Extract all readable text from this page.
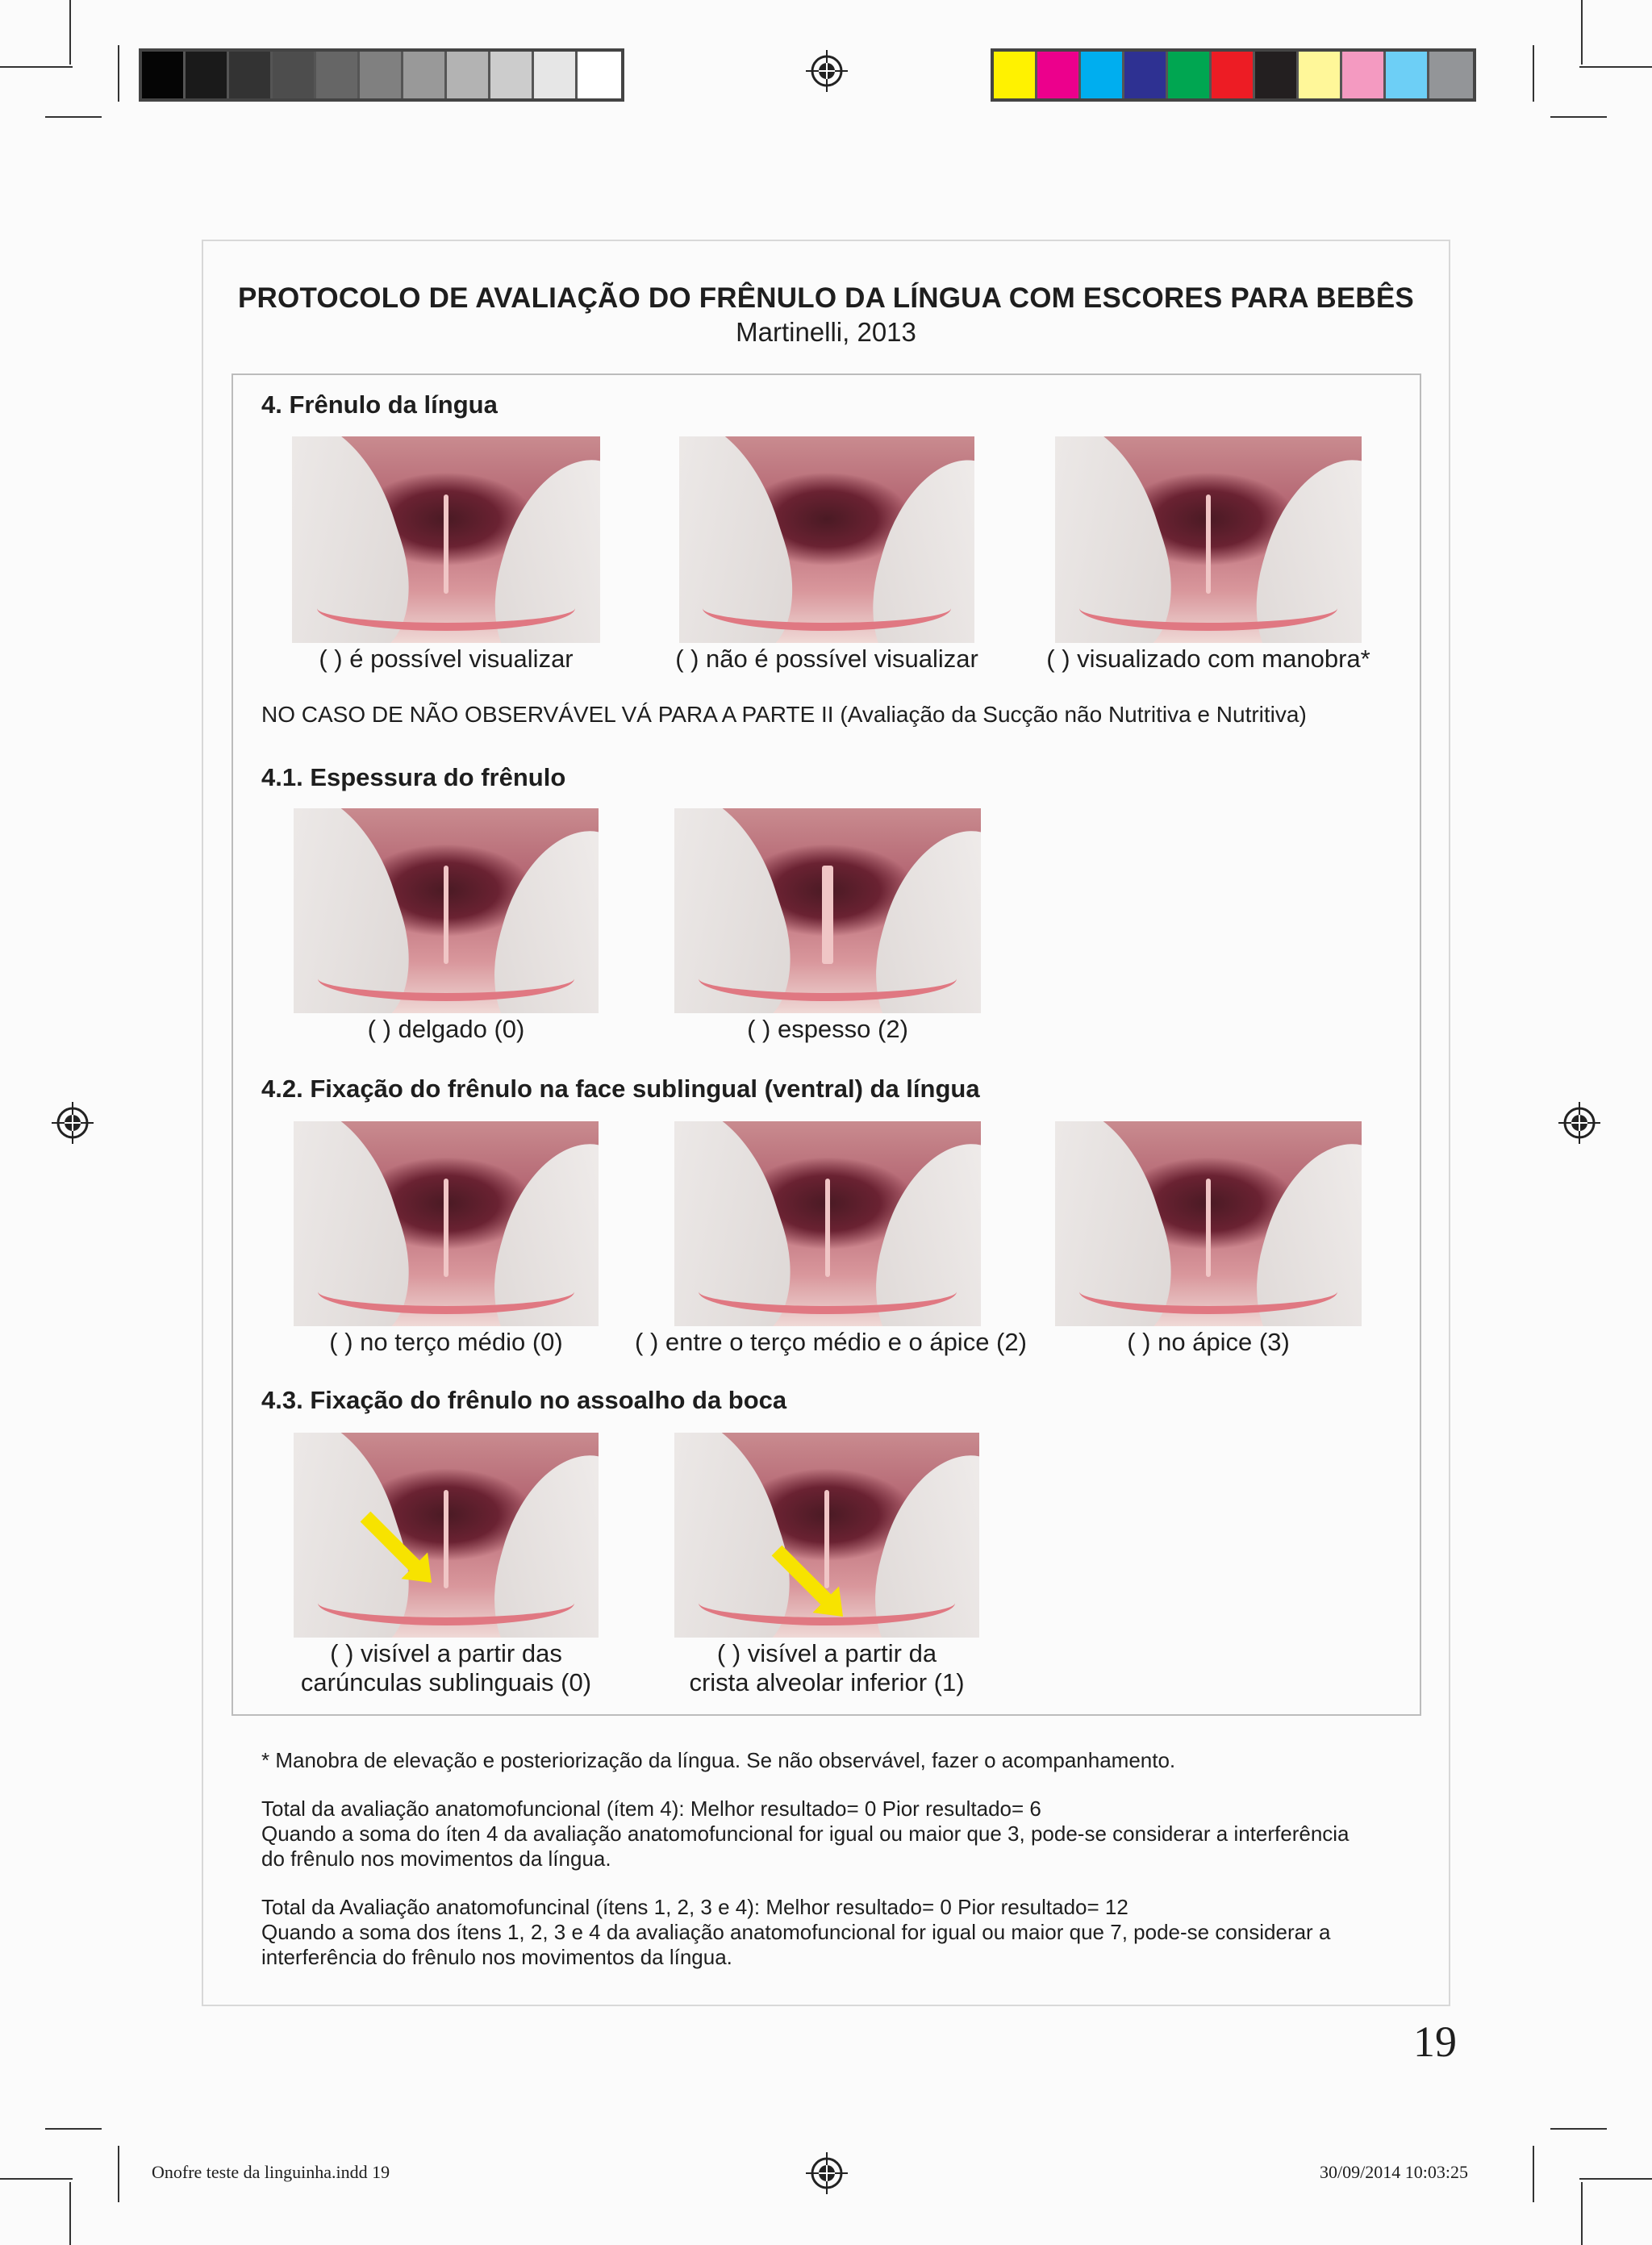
PROTOCOLO DE AVALIAÇÃO DO FRÊNULO DA LÍNGUA COM ESCORES PARA BEBÊS
Martinelli, 2013
4. Frênulo da língua
( ) é possível visualizar	( ) não é possível visualizar	( ) visualizado com manobra*
NO CASO DE NÃO OBSERVÁVEL VÁ PARA A PARTE II (Avaliação da Sucção não Nutritiva e Nutritiva)
4.1. Espessura do frênulo
( ) delgado (0)	( ) espesso (2)
4.2. Fixação do frênulo na face sublingual (ventral) da língua
( ) no terço médio (0)	( ) entre o terço médio e o ápice (2)	( ) no ápice (3)
4.3. Fixação do frênulo no assoalho da boca
( ) visível a partir das
carúnculas sublinguais (0)
( ) visível a partir da
crista alveolar inferior (1)
* Manobra de elevação e posteriorização da língua. Se não observável, fazer o acompanhamento.
Total da avaliação anatomofuncional (ítem 4): Melhor resultado= 0 Pior resultado= 6
Quando a soma do íten 4 da avaliação anatomofuncional for igual ou maior que 3, pode-se considerar a interferência
do frênulo nos movimentos da língua.
Total da Avaliação anatomofuncinal (ítens 1, 2, 3 e 4): Melhor resultado= 0 Pior resultado= 12
Quando a soma dos ítens 1, 2, 3 e 4 da avaliação anatomofuncional for igual ou maior que 7, pode-se considerar a
interferência do frênulo nos movimentos da língua.
19
Onofre teste da linguinha.indd 19	30/09/2014 10:03:25
